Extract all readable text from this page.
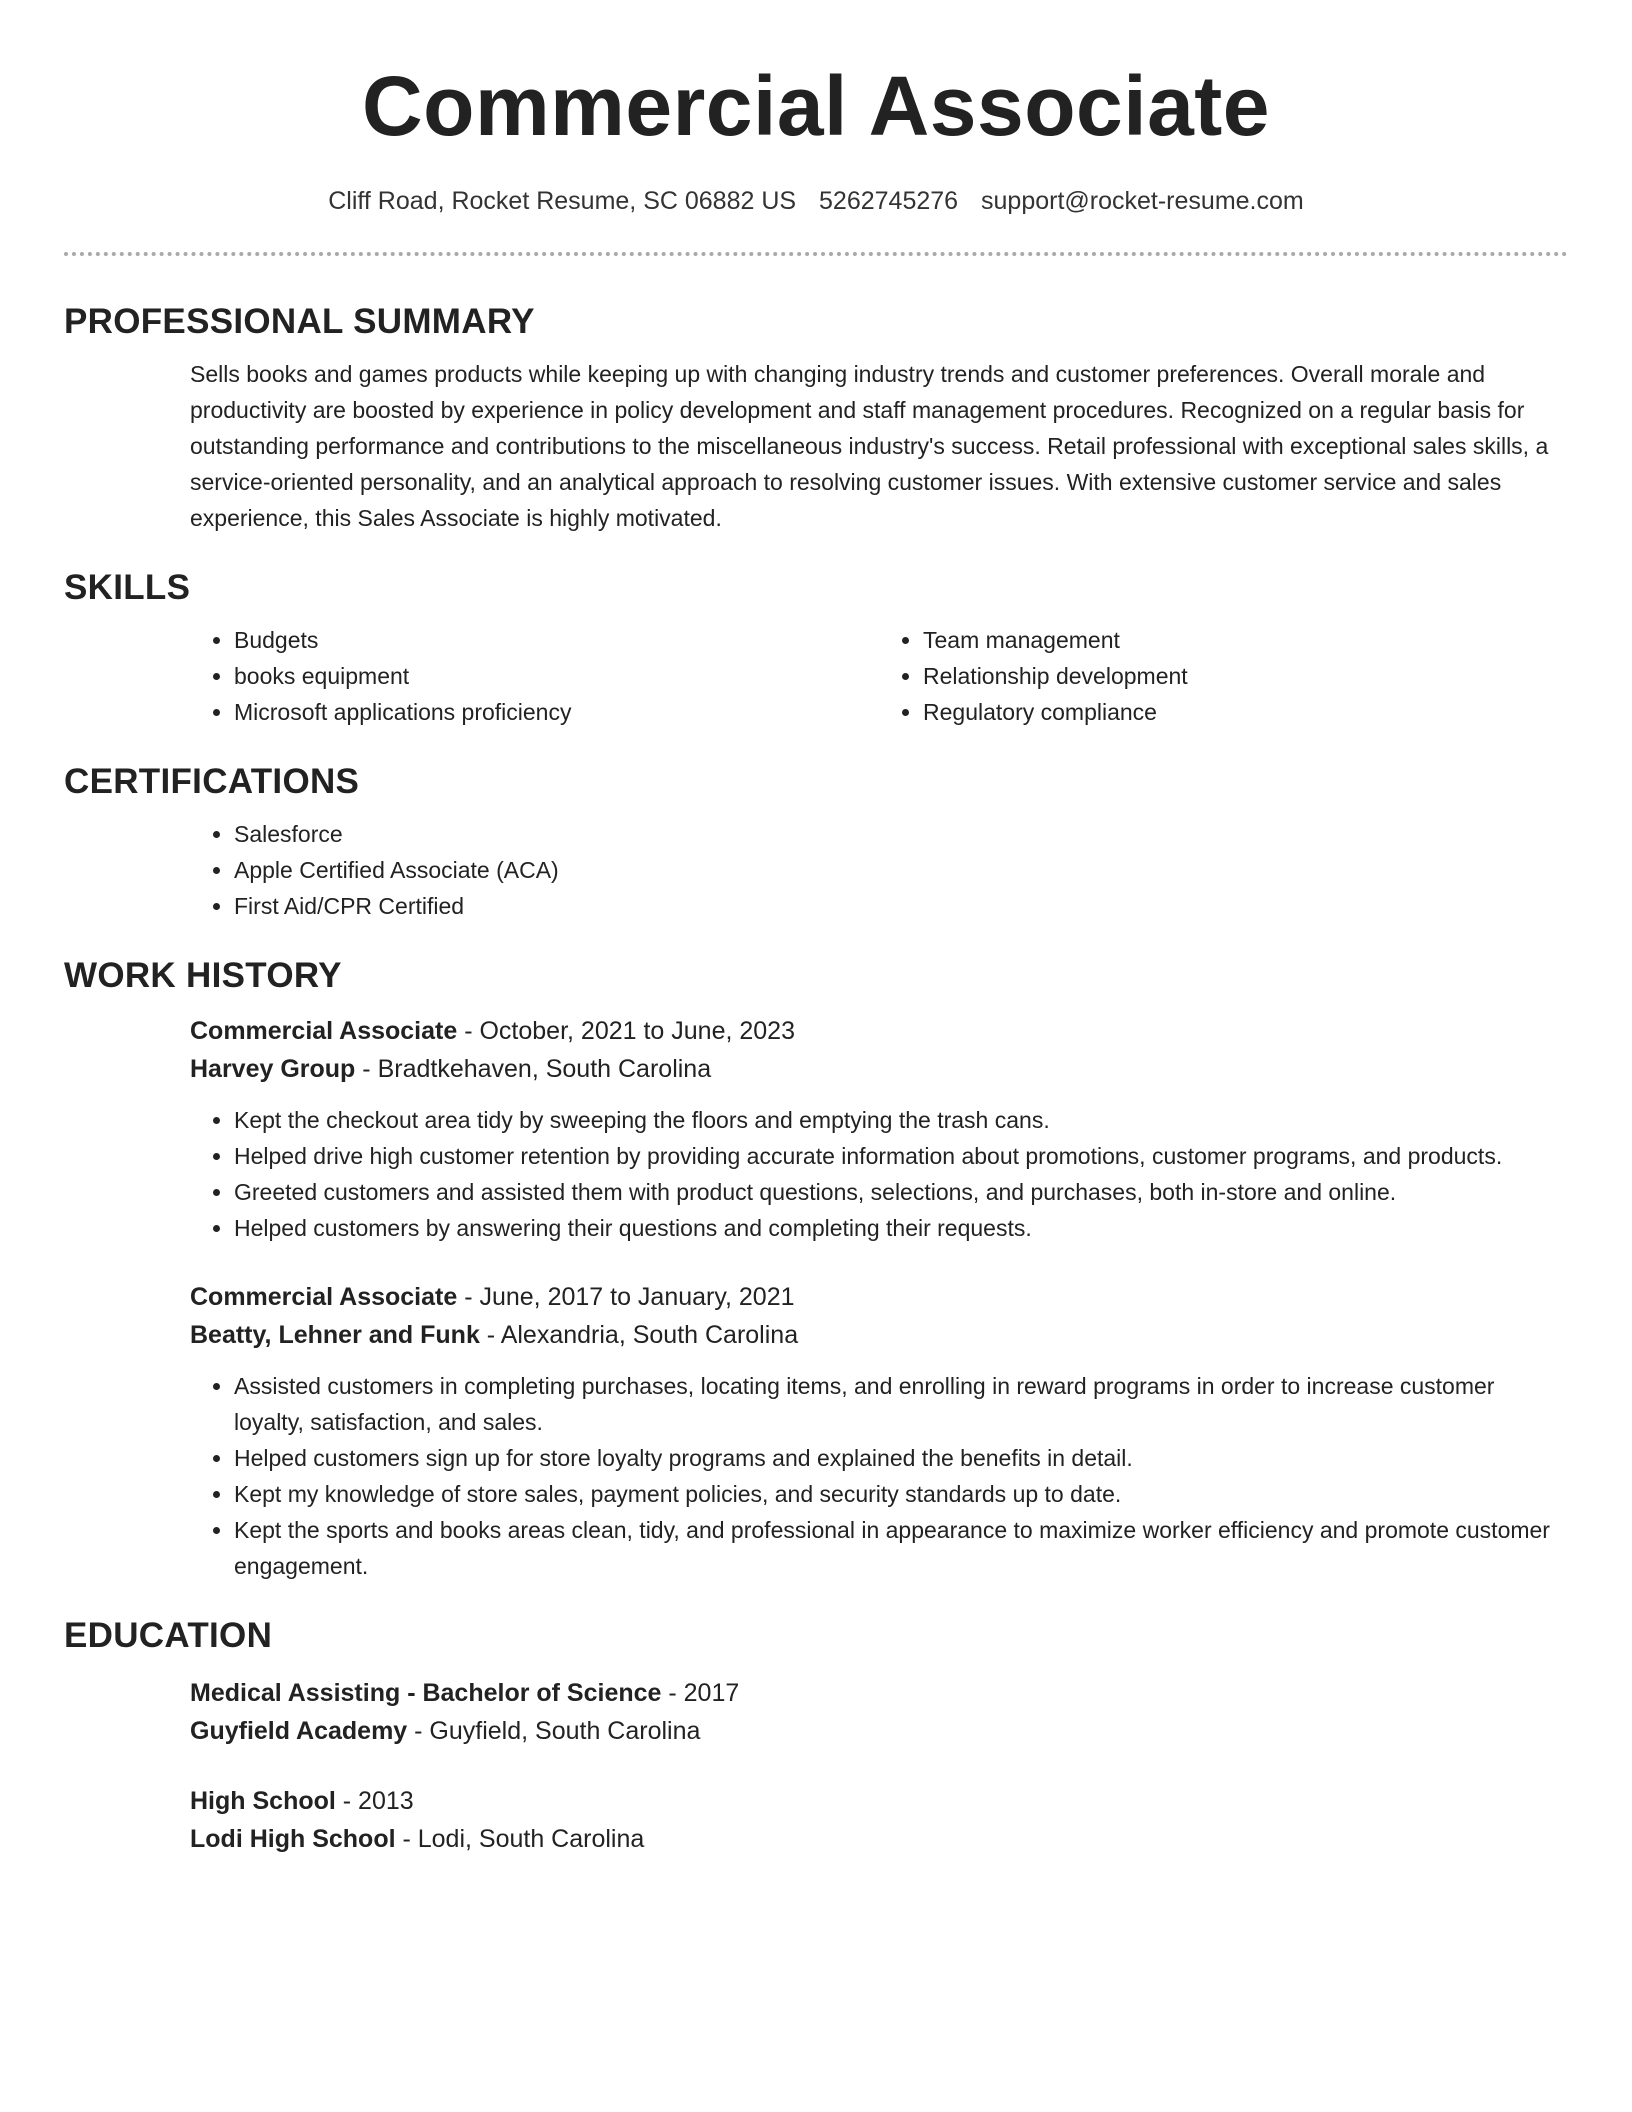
Commercial Associate
Cliff Road, Rocket Resume, SC 06882 US 5262745276 support@rocket-resume.com
PROFESSIONAL SUMMARY

Sells books and games products while keeping up with changing industry trends and customer preferences. Overall morale and productivity are boosted by experience in policy development and staff management procedures. Recognized on a regular basis for outstanding performance and contributions to the miscellaneous industry's success. Retail professional with exceptional sales skills, a service-oriented personality, and an analytical approach to resolving customer issues. With extensive customer service and sales experience, this Sales Associate is highly motivated.

SKILLS
• Budgets
• books equipment
• Microsoft applications proficiency
• Team management
• Relationship development
• Regulatory compliance
CERTIFICATIONS
• Salesforce
• Apple Certified Associate (ACA)
• First Aid/CPR Certified
WORK HISTORY

Commercial Associate - October, 2021 to June, 2023

Harvey Group - Bradtkehaven, South Carolina

• Kept the checkout area tidy by sweeping the floors and emptying the trash cans.
• Helped drive high customer retention by providing accurate information about promotions, customer programs, and products.
• Greeted customers and assisted them with product questions, selections, and purchases, both in-store and online.
• Helped customers by answering their questions and completing their requests.

Commercial Associate - June, 2017 to January, 2021

Beatty, Lehner and Funk - Alexandria, South Carolina

• Assisted customers in completing purchases, locating items, and enrolling in reward programs in order to increase customer loyalty, satisfaction, and sales.
• Helped customers sign up for store loyalty programs and explained the benefits in detail.
• Kept my knowledge of store sales, payment policies, and security standards up to date.
• Kept the sports and books areas clean, tidy, and professional in appearance to maximize worker efficiency and promote customer engagement.
EDUCATION

Medical Assisting - Bachelor of Science - 2017

Guyfield Academy - Guyfield, South Carolina

High School - 2013

Lodi High School - Lodi, South Carolina
